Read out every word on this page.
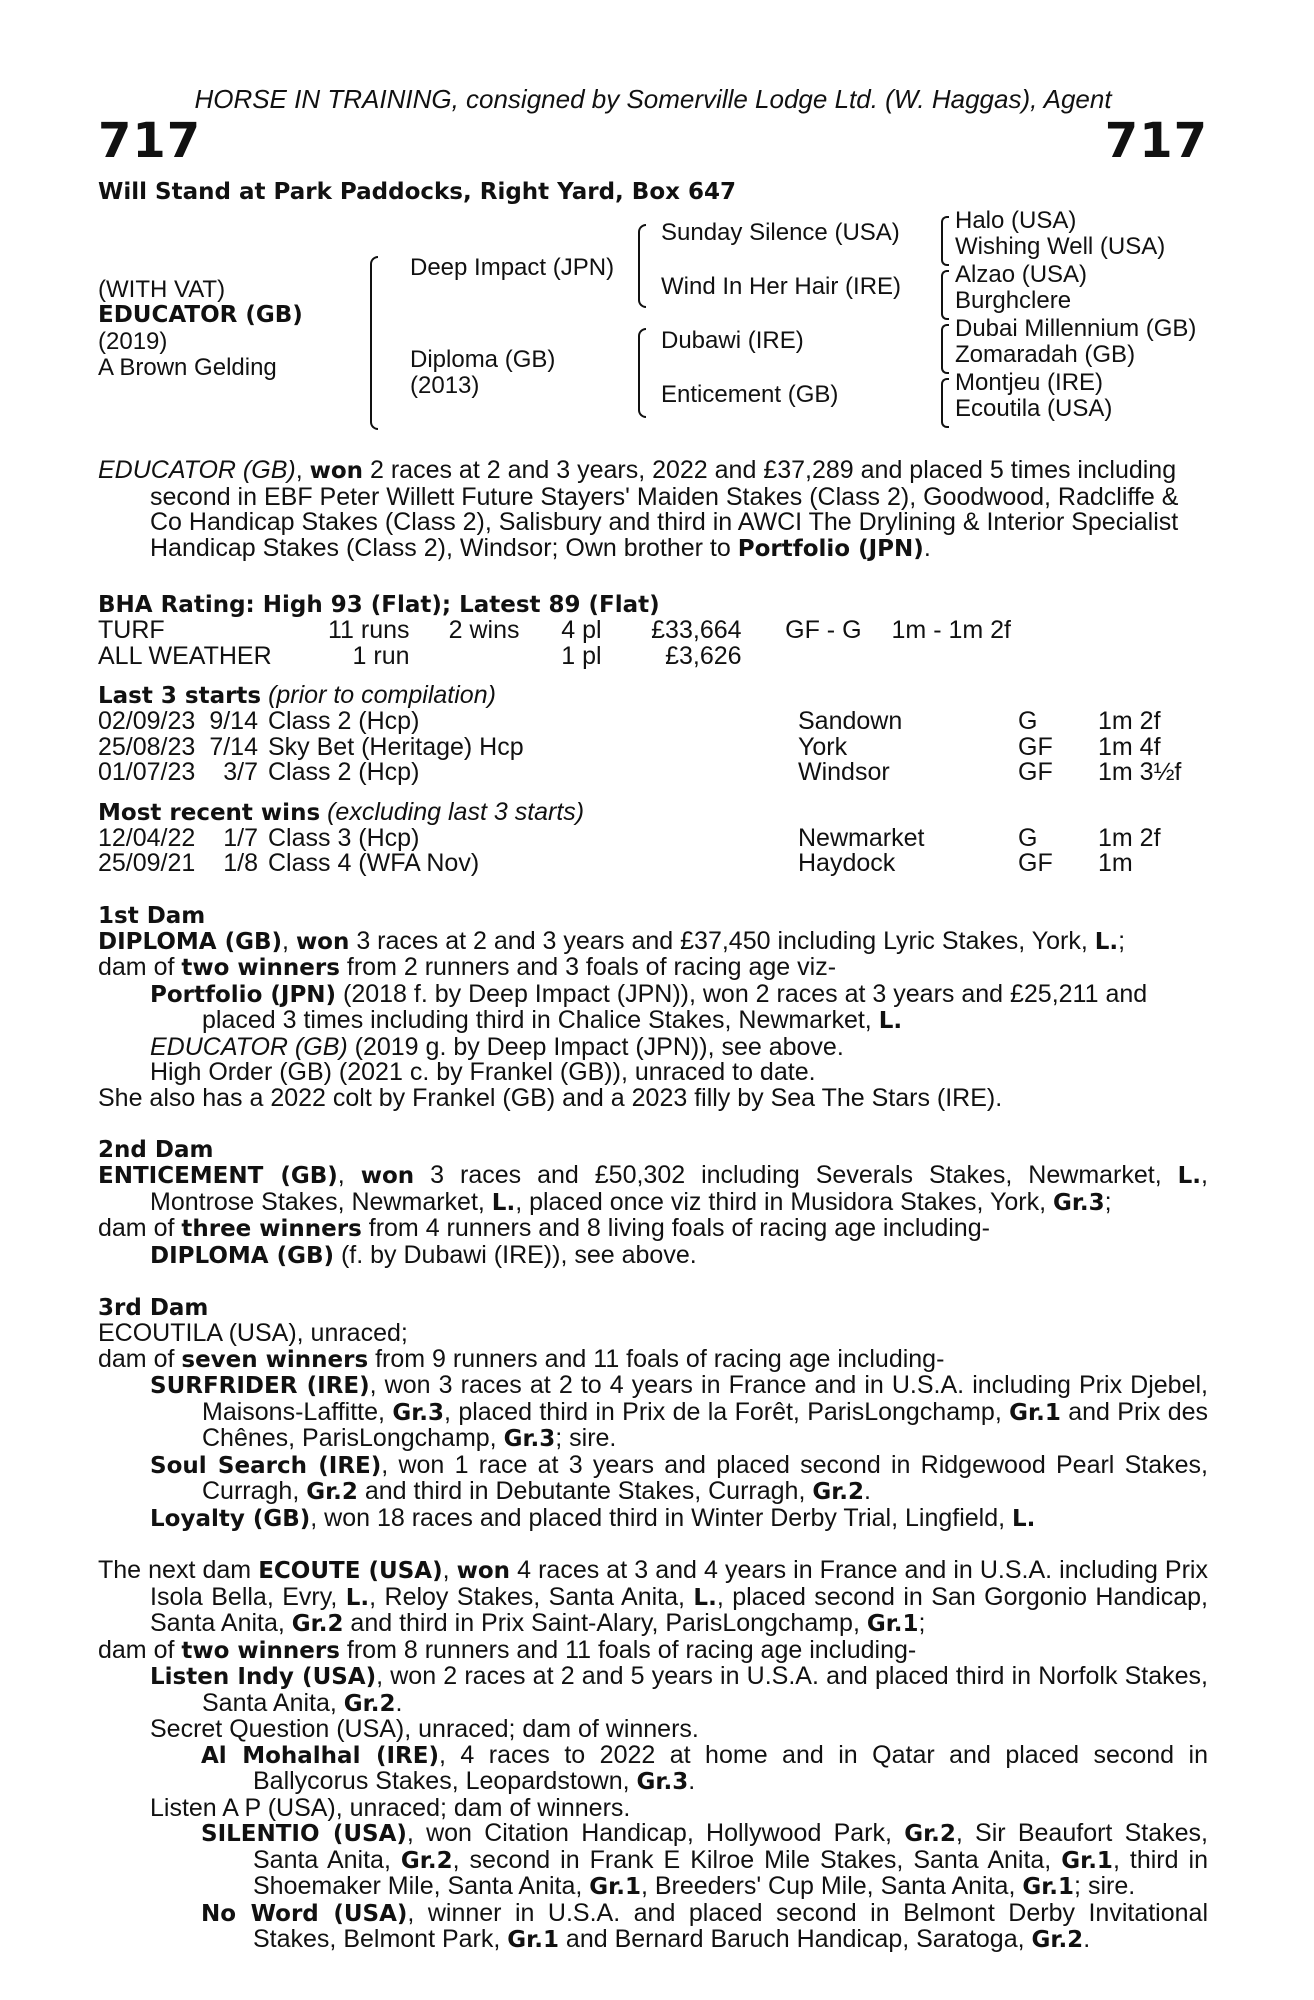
HORSE IN TRAINING, consigned by Somerville Lodge Ltd. (W. Haggas), Agent
717	717
Will Stand at Park Paddocks, Right Yard, Box 647
(WITH VAT)
EDUCATOR (GB)
(2019)
A Brown Gelding
Deep Impact (JPN)
Diploma (GB)
(2013)
Sunday Silence (USA)
Wind In Her Hair (IRE)
Dubawi (IRE)
Enticement (GB)
Halo (USA)
Wishing Well (USA)
Alzao (USA)
Burghclere
Dubai Millennium (GB)
Zomaradah (GB)
Montjeu (IRE)
Ecoutila (USA)
EDUCATOR (GB), won 2 races at 2 and 3 years, 2022 and £37,289 and placed 5 times including second in EBF Peter Willett Future Stayers' Maiden Stakes (Class 2), Goodwood, Radcliffe & Co Handicap Stakes (Class 2), Salisbury and third in AWCI The Drylining & Interior Specialist Handicap Stakes (Class 2), Windsor; Own brother to Portfolio (JPN).
BHA Rating: High 93 (Flat); Latest 89 (Flat)
TURF	11 runs	2 wins	4 pl	£33,664	GF - G	1m - 1m 2f
ALL WEATHER	1 run		1 pl	£3,626		
Last 3 starts (prior to compilation)
02/09/23	9/14	Class 2 (Hcp)	Sandown	G	1m 2f
25/08/23	7/14	Sky Bet (Heritage) Hcp	York	GF	1m 4f
01/07/23	3/7	Class 2 (Hcp)	Windsor	GF	1m 3½f
Most recent wins (excluding last 3 starts)
12/04/22	1/7	Class 3 (Hcp)	Newmarket	G	1m 2f
25/09/21	1/8	Class 4 (WFA Nov)	Haydock	GF	1m
1st Dam
DIPLOMA (GB), won 3 races at 2 and 3 years and £37,450 including Lyric Stakes, York, L.;
dam of two winners from 2 runners and 3 foals of racing age viz-
Portfolio (JPN) (2018 f. by Deep Impact (JPN)), won 2 races at 3 years and £25,211 and placed 3 times including third in Chalice Stakes, Newmarket, L.
EDUCATOR (GB) (2019 g. by Deep Impact (JPN)), see above.
High Order (GB) (2021 c. by Frankel (GB)), unraced to date.
She also has a 2022 colt by Frankel (GB) and a 2023 filly by Sea The Stars (IRE).
2nd Dam
ENTICEMENT (GB), won 3 races and £50,302 including Severals Stakes, Newmarket, L., Montrose Stakes, Newmarket, L., placed once viz third in Musidora Stakes, York, Gr.3;
dam of three winners from 4 runners and 8 living foals of racing age including-
DIPLOMA (GB) (f. by Dubawi (IRE)), see above.
3rd Dam
ECOUTILA (USA), unraced;
dam of seven winners from 9 runners and 11 foals of racing age including-
SURFRIDER (IRE), won 3 races at 2 to 4 years in France and in U.S.A. including Prix Djebel, Maisons-Laffitte, Gr.3, placed third in Prix de la Forêt, ParisLongchamp, Gr.1 and Prix des Chênes, ParisLongchamp, Gr.3; sire.
Soul Search (IRE), won 1 race at 3 years and placed second in Ridgewood Pearl Stakes, Curragh, Gr.2 and third in Debutante Stakes, Curragh, Gr.2.
Loyalty (GB), won 18 races and placed third in Winter Derby Trial, Lingfield, L.
The next dam ECOUTE (USA), won 4 races at 3 and 4 years in France and in U.S.A. including Prix Isola Bella, Evry, L., Reloy Stakes, Santa Anita, L., placed second in San Gorgonio Handicap, Santa Anita, Gr.2 and third in Prix Saint-Alary, ParisLongchamp, Gr.1;
dam of two winners from 8 runners and 11 foals of racing age including-
Listen Indy (USA), won 2 races at 2 and 5 years in U.S.A. and placed third in Norfolk Stakes, Santa Anita, Gr.2.
Secret Question (USA), unraced; dam of winners.
Al Mohalhal (IRE), 4 races to 2022 at home and in Qatar and placed second in Ballycorus Stakes, Leopardstown, Gr.3.
Listen A P (USA), unraced; dam of winners.
SILENTIO (USA), won Citation Handicap, Hollywood Park, Gr.2, Sir Beaufort Stakes, Santa Anita, Gr.2, second in Frank E Kilroe Mile Stakes, Santa Anita, Gr.1, third in Shoemaker Mile, Santa Anita, Gr.1, Breeders' Cup Mile, Santa Anita, Gr.1; sire.
No Word (USA), winner in U.S.A. and placed second in Belmont Derby Invitational Stakes, Belmont Park, Gr.1 and Bernard Baruch Handicap, Saratoga, Gr.2.
